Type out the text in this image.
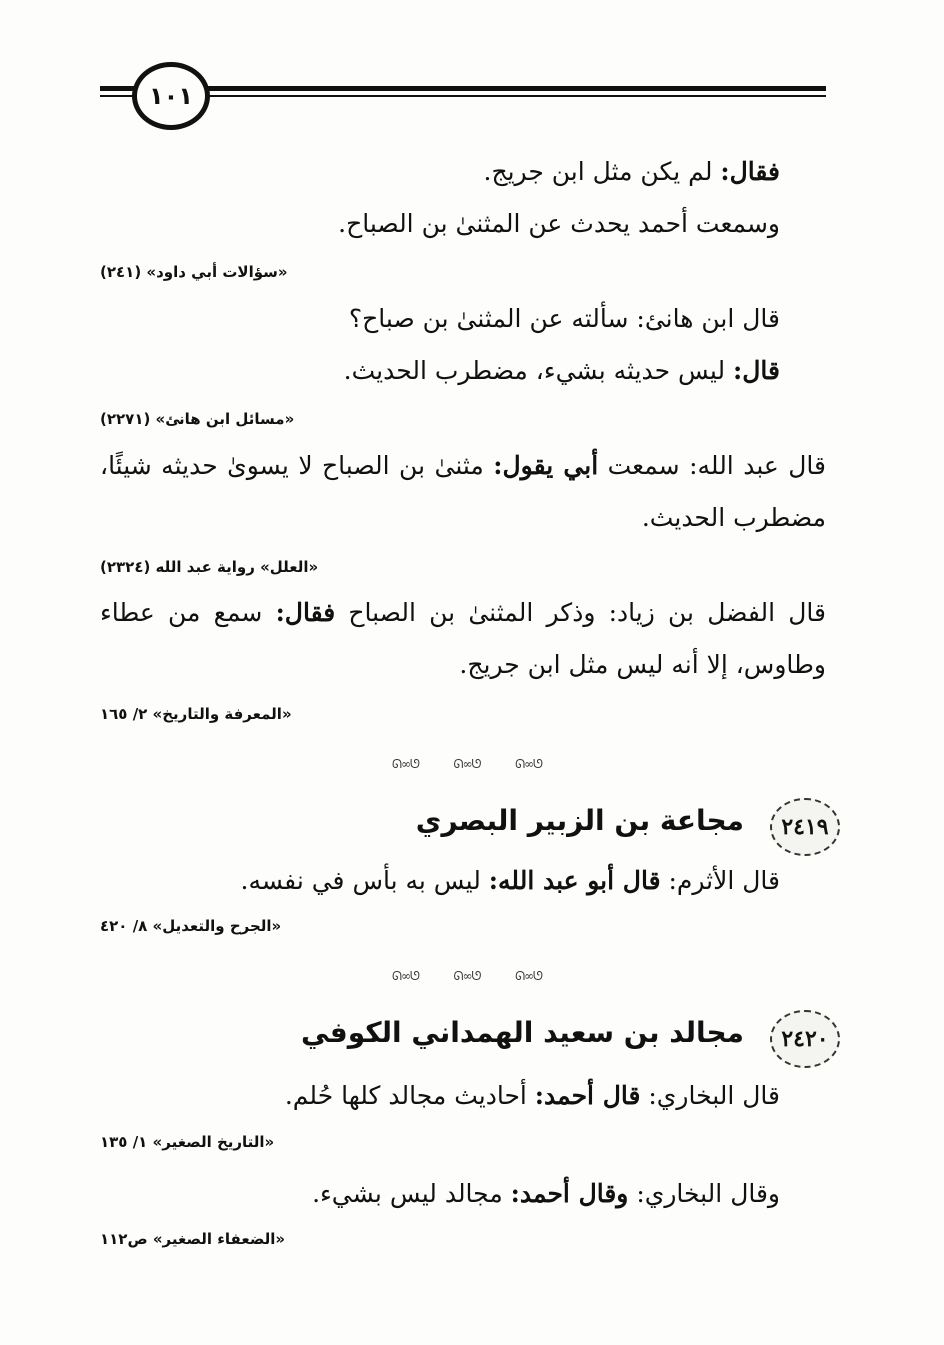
١٠١
فقال: لم يكن مثل ابن جريج.
وسمعت أحمد يحدث عن المثنىٰ بن الصباح.
«سؤالات أبي داود» (٢٤١)
قال ابن هانئ: سألته عن المثنىٰ بن صباح؟
قال: ليس حديثه بشيء، مضطرب الحديث.
«مسائل ابن هانئ» (٢٢٧١)
قال عبد الله: سمعت أبي يقول: مثنىٰ بن الصباح لا يسوىٰ حديثه شيئًا، مضطرب الحديث.
«العلل» رواية عبد الله (٢٣٢٤)
قال الفضل بن زياد: وذكر المثنىٰ بن الصباح فقال: سمع من عطاء وطاوس، إلا أنه ليس مثل ابن جريج.
«المعرفة والتاريخ» ٢/ ١٦٥
ᘏ∞ᘎ	ᘏ∞ᘎ	ᘏ∞ᘎ
٢٤١٩
مجاعة بن الزبير البصري
قال الأثرم: قال أبو عبد الله: ليس به بأس في نفسه.
«الجرح والتعديل» ٨/ ٤٢٠
ᘏ∞ᘎ	ᘏ∞ᘎ	ᘏ∞ᘎ
٢٤٢٠
مجالد بن سعيد الهمداني الكوفي
قال البخاري: قال أحمد: أحاديث مجالد كلها حُلم.
«التاريخ الصغير» ١/ ١٣٥
وقال البخاري: وقال أحمد: مجالد ليس بشيء.
«الضعفاء الصغير» ص١١٢
